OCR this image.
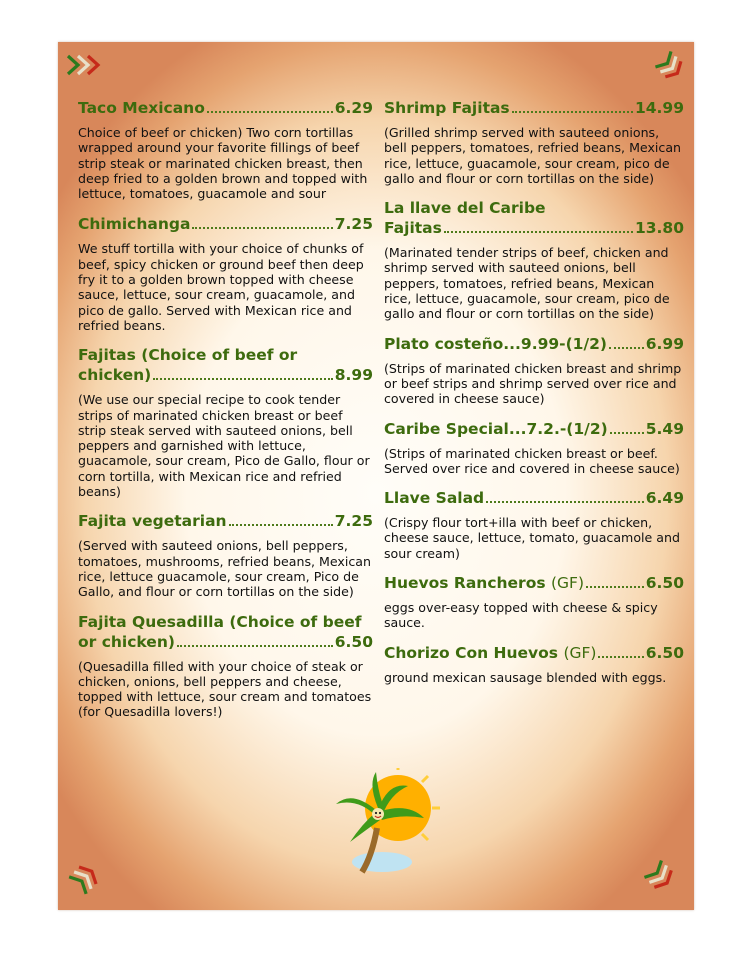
Taco Mexicano	6.29

Choice of beef or chicken) Two corn tortillas wrapped around your favorite fillings of beef strip steak or marinated chicken breast, then deep fried to a golden brown and topped with lettuce, tomatoes, guacamole and sour

Chimichanga	7.25

We stuff tortilla with your choice of chunks of beef, spicy chicken or ground beef then deep fry it to a golden brown topped with cheese sauce, lettuce, sour cream, guacamole, and pico de gallo. Served with Mexican rice and refried beans.

Fajitas (Choice of beef or
chicken)	8.99

(We use our special recipe to cook tender strips of marinated chicken breast or beef strip steak served with sauteed onions, bell peppers and garnished with lettuce, guacamole, sour cream, Pico de Gallo, flour or corn tortilla, with Mexican rice and refried beans)

Fajita vegetarian	7.25

(Served with sauteed onions, bell peppers, tomatoes, mushrooms, refried beans, Mexican rice, lettuce guacamole, sour cream, Pico de Gallo, and flour or corn tortillas on the side)

Fajita Quesadilla (Choice of beef
or chicken)	6.50

(Quesadilla filled with your choice of steak or chicken, onions, bell peppers and cheese, topped with lettuce, sour cream and tomatoes (for Quesadilla lovers!)

Shrimp Fajitas	14.99

(Grilled shrimp served with sauteed onions, bell peppers, tomatoes, refried beans, Mexican rice, lettuce, guacamole, sour cream, pico de gallo and flour or corn tortillas on the side)

La llave del Caribe
Fajitas	13.80

(Marinated tender strips of beef, chicken and shrimp served with sauteed onions, bell peppers, tomatoes, refried beans, Mexican rice, lettuce, guacamole, sour cream, pico de gallo and flour or corn tortillas on the side)

Plato costeño...9.99-(1/2)	6.99

(Strips of marinated chicken breast and shrimp or beef strips and shrimp served over rice and covered in cheese sauce)

Caribe Special...7.2.-(1/2) 5.49

(Strips of marinated chicken breast or beef. Served over rice and covered in cheese sauce)

Llave Salad	6.49

(Crispy flour tort+illa with beef or chicken, cheese sauce, lettuce, tomato, guacamole and sour cream)

Huevos Rancheros
(GF)	6.50

eggs over-easy topped with cheese & spicy sauce.

Chorizo Con Huevos
(GF)	6.50

ground mexican sausage blended with eggs.
